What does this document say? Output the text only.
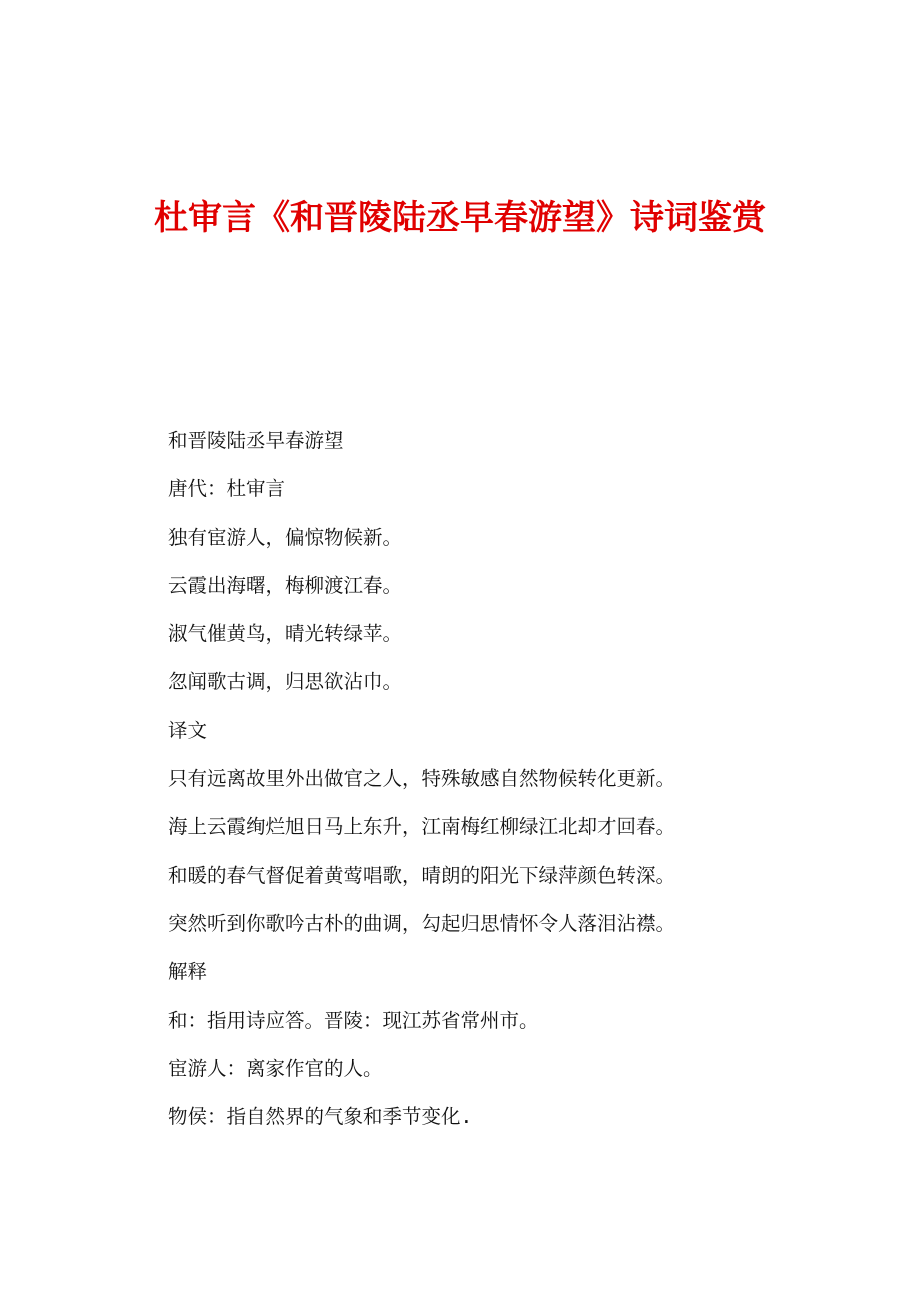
杜审言《和晋陵陆丞早春游望》诗词鉴赏
和晋陵陆丞早春游望
唐代：杜审言
独有宦游人，偏惊物候新。
云霞出海曙，梅柳渡江春。
淑气催黄鸟，晴光转绿苹。
忽闻歌古调，归思欲沾巾。
译文
只有远离故里外出做官之人，特殊敏感自然物候转化更新。
海上云霞绚烂旭日马上东升，江南梅红柳绿江北却才回春。
和暖的春气督促着黄莺唱歌，晴朗的阳光下绿萍颜色转深。
突然听到你歌吟古朴的曲调，勾起归思情怀令人落泪沾襟。
解释
和：指用诗应答。晋陵：现江苏省常州市。
宦游人：离家作官的人。
物侯：指自然界的气象和季节变化.
